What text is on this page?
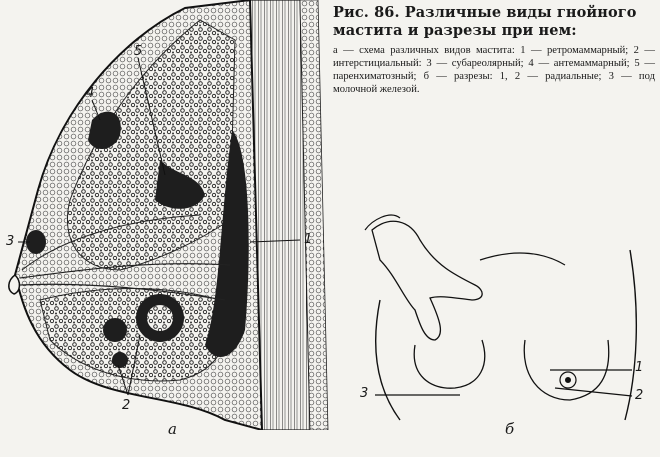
Рис. 86. Различные виды гнойного
мастита и разрезы при нем:
а — схема различных видов мастита: 1 — ретромаммарный; 2 — интерстициальный: 3 — субареолярный; 4 — антемаммарный; 5 — паренхиматозный; б — разрезы: 1, 2 — радиальные; 3 — под молочной железой.
1
2
3
4
5
а
1
2
3
б
